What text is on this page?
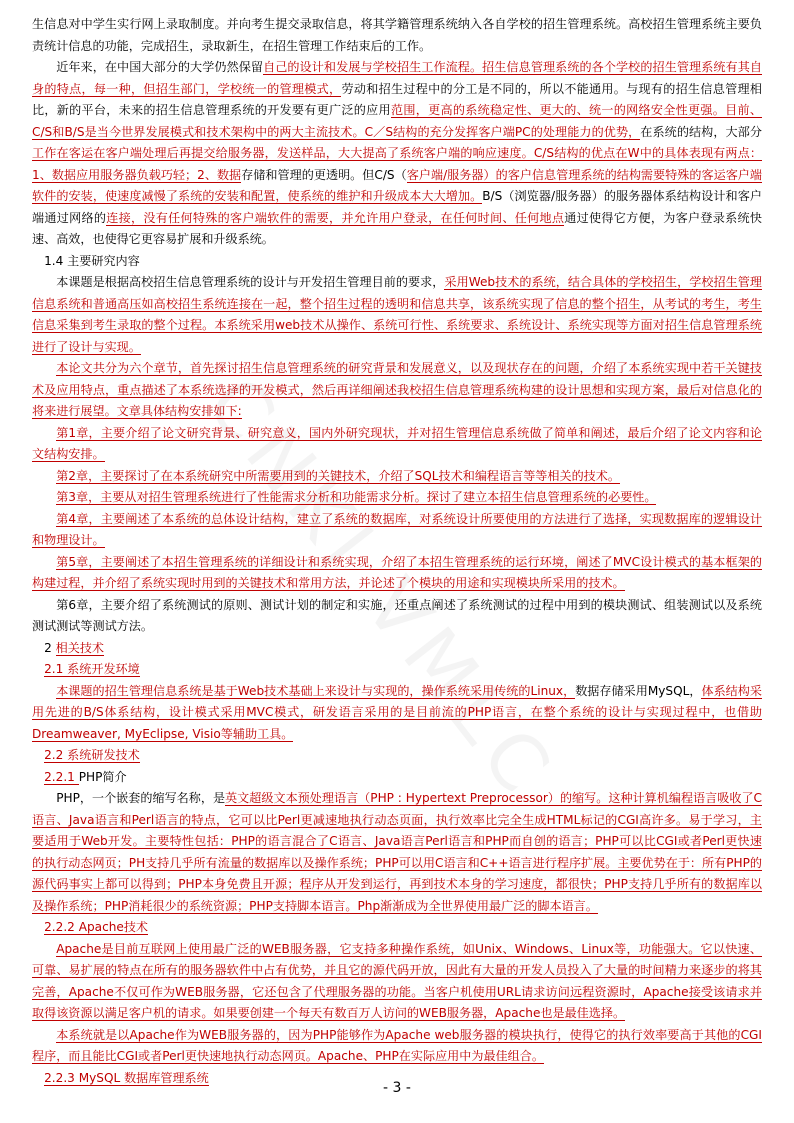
生信息对中学生实行网上录取制度。并向考生提交录取信息，将其学籍管理系统纳入各自学校的招生管理系统。高校招生管理系统主要负责统计信息的功能，完成招生，录取新生，在招生管理工作结束后的工作。

近年来，在中国大部分的大学仍然保留自己的设计和发展与学校招生工作流程。招生信息管理系统的各个学校的招生管理系统有其自身的特点，每一种，但招生部门，学校统一的管理模式，劳动和招生过程中的分工是不同的，所以不能通用。与现有的招生信息管理相比，新的平台，未来的招生信息管理系统的开发要有更广泛的应用范围，更高的系统稳定性、更大的、统一的网络安全性更强。目前、C/S和B/S是当今世界发展模式和技术架构中的两大主流技术。C／S结构的充分发挥客户端PC的处理能力的优势，在系统的结构，大部分工作在客运在客户端处理后再提交给服务器，发送样品，大大提高了系统客户端的响应速度。C/S结构的优点在W中的具体表现有两点：1、数据应用服务器负载巧轻；2、数据存储和管理的更透明。但C/S（客户端/服务器）的客户信息管理系统的结构需要特殊的客运客户端软件的安装，使速度减慢了系统的安装和配置，使系统的维护和升级成本大大增加。B/S（浏览器/服务器）的服务器体系结构设计和客户端通过网络的连接，没有任何特殊的客户端软件的需要，并允许用户登录，在任何时间、任何地点通过使得它方便，为客户登录系统快速、高效，也使得它更容易扩展和升级系统。

1.4 主要研究内容

本课题是根据高校招生信息管理系统的设计与开发招生管理目前的要求，采用Web技术的系统，结合具体的学校招生，学校招生管理信息系统和普通高压如高校招生系统连接在一起，整个招生过程的透明和信息共享，该系统实现了信息的整个招生，从考试的考生，考生信息采集到考生录取的整个过程。本系统采用web技术从操作、系统可行性、系统要求、系统设计、系统实现等方面对招生信息管理系统进行了设计与实现。

本论文共分为六个章节，首先探讨招生信息管理系统的研究背景和发展意义，以及现状存在的问题，介绍了本系统实现中若干关键技术及应用特点，重点描述了本系统选择的开发模式，然后再详细阐述我校招生信息管理系统构建的设计思想和实现方案，最后对信息化的将来进行展望。文章具体结构安排如下:

第1章，主要介绍了论文研究背景、研究意义，国内外研究现状，并对招生管理信息系统做了简单和阐述，最后介绍了论文内容和论文结构安排。

第2章，主要探讨了在本系统研究中所需要用到的关键技术，介绍了SQL技术和编程语言等等相关的技术。

第3章，主要从对招生管理系统进行了性能需求分析和功能需求分析。探讨了建立本招生信息管理系统的必要性。

第4章，主要阐述了本系统的总体设计结构，建立了系统的数据库，对系统设计所要使用的方法进行了选择，实现数据库的逻辑设计和物理设计。

第5章，主要阐述了本招生管理系统的详细设计和系统实现，介绍了本招生管理系统的运行环境，阐述了MVC设计模式的基本框架的构建过程，并介绍了系统实现时用到的关键技术和常用方法，并论述了个模块的用途和实现模块所采用的技术。

第6章，主要介绍了系统测试的原则、测试计划的制定和实施，还重点阐述了系统测试的过程中用到的模块测试、组装测试以及系统测试测试等测试方法。

2 相关技术

2.1 系统开发环境

本课题的招生管理信息系统是基于Web技术基础上来设计与实现的，操作系统采用传统的Linux，数据存储采用MySQL，体系结构采用先进的B/S体系结构，设计模式采用MVC模式，研发语言采用的是目前流的PHP语言，在整个系统的设计与实现过程中，也借助Dreamweaver, MyEclipse, Visio等辅助工具。

2.2 系统研发技术

2.2.1 PHP简介

PHP，一个嵌套的缩写名称，是英文超级文本预处理语言（PHP : Hypertext Preprocessor）的缩写。这种计算机编程语言吸收了C语言、Java语言和Perl语言的特点，它可以比Perl更减速地执行动态页面，执行效率比完全生成HTML标记的CGI高许多。易于学习，主要适用于Web开发。主要特性包括：PHP的语言混合了C语言、Java语言Perl语言和PHP而自创的语言；PHP可以比CGI或者Perl更快速的执行动态网页；PH支持几乎所有流量的数据库以及操作系统；PHP可以用C语言和C++语言进行程序扩展。主要优势在于：所有PHP的源代码事实上都可以得到；PHP本身免费且开源；程序从开发到运行，再到技术本身的学习速度，都很快；PHP支持几乎所有的数据库以及操作系统；PHP消耗很少的系统资源；PHP支持脚本语言。Php渐渐成为全世界使用最广泛的脚本语言。

2.2.2 Apache技术

Apache是目前互联网上使用最广泛的WEB服务器，它支持多种操作系统，如Unix、Windows、Linux等，功能强大。它以快速、可靠、易扩展的特点在所有的服务器软件中占有优势，并且它的源代码开放，因此有大量的开发人员投入了大量的时间精力来逐步的将其完善，Apache不仅可作为WEB服务器，它还包含了代理服务器的功能。当客户机使用URL请求访问远程资源时，Apache接受该请求并取得该资源以满足客户机的请求。如果要创建一个每天有数百万人访问的WEB服务器，Apache也是最佳选择。

本系统就是以Apache作为WEB服务器的，因为PHP能够作为Apache web服务器的模块执行，使得它的执行效率要高于其他的CGI程序，而且能比CGI或者Perl更快速地执行动态网页。Apache、PHP在实际应用中为最佳组合。

2.2.3 MySQL 数据库管理系统

- 3 -
